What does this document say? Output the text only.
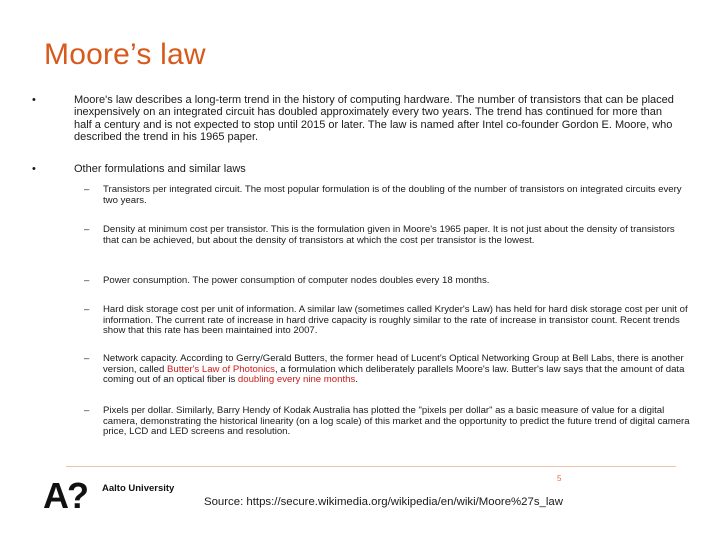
Moore’s law
•	Moore's law describes a long-term trend in the history of computing hardware. The number of transistors that can be placed inexpensively on an integrated circuit has doubled approximately every two years. The trend has continued for more than half a century and is not expected to stop until 2015 or later. The law is named after Intel co-founder Gordon E. Moore, who described the trend in his 1965 paper.
•	Other formulations and similar laws
– Transistors per integrated circuit. The most popular formulation is of the doubling of the number of transistors on integrated circuits every two years.
– Density at minimum cost per transistor. This is the formulation given in Moore's 1965 paper. It is not just about the density of transistors that can be achieved, but about the density of transistors at which the cost per transistor is the lowest.
– Power consumption. The power consumption of computer nodes doubles every 18 months.
– Hard disk storage cost per unit of information. A similar law (sometimes called Kryder's Law) has held for hard disk storage cost per unit of information. The current rate of increase in hard drive capacity is roughly similar to the rate of increase in transistor count. Recent trends show that this rate has been maintained into 2007.
– Network capacity. According to Gerry/Gerald Butters, the former head of Lucent's Optical Networking Group at Bell Labs, there is another version, called Butter's Law of Photonics, a formulation which deliberately parallels Moore's law. Butter's law says that the amount of data coming out of an optical fiber is doubling every nine months.
– Pixels per dollar. Similarly, Barry Hendy of Kodak Australia has plotted the "pixels per dollar" as a basic measure of value for a digital camera, demonstrating the historical linearity (on a log scale) of this market and the opportunity to predict the future trend of digital camera price, LCD and LED screens and resolution.
5
A? Aalto University
Source: https://secure.wikimedia.org/wikipedia/en/wiki/Moore%27s_law
